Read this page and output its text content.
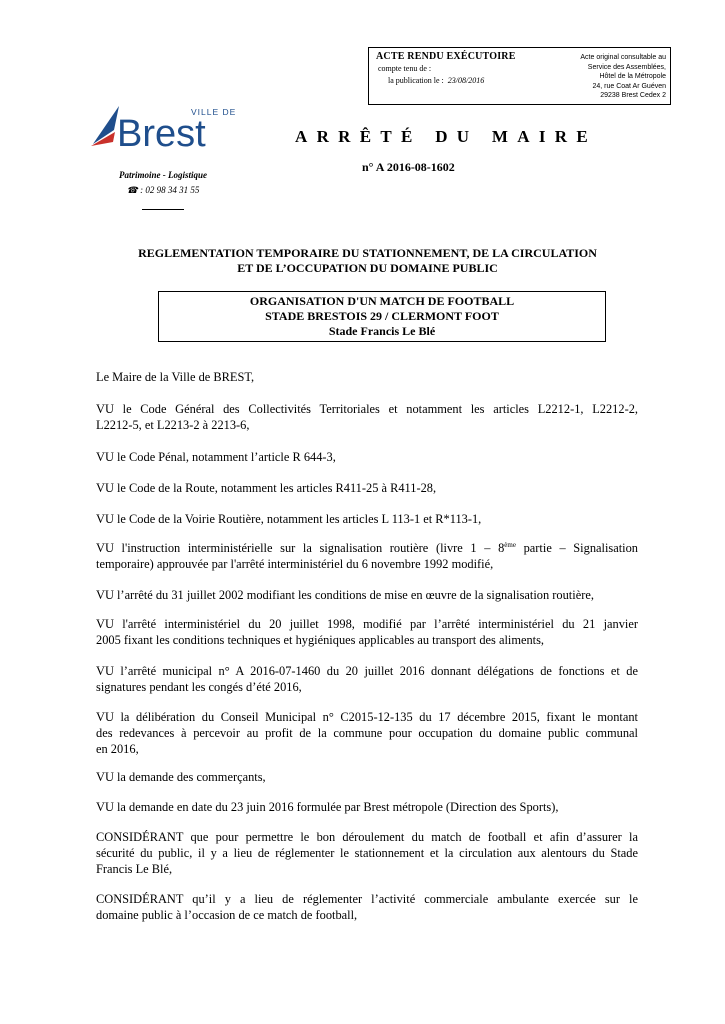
ACTE RENDU EXÉCUTOIRE
compte tenu de :
la publication le : 23/08/2016
Acte original consultable au
Service des Assemblées,
Hôtel de la Métropole
24, rue Coat Ar Guéven
29238 Brest Cedex 2
VILLE DE
Brest
Patrimoine - Logistique
☎ : 02 98 34 31 55
ARRÊTÉ DU MAIRE
n° A 2016-08-1602
REGLEMENTATION TEMPORAIRE DU STATIONNEMENT, DE LA CIRCULATION
ET DE L’OCCUPATION DU DOMAINE PUBLIC
ORGANISATION D'UN MATCH DE FOOTBALL
STADE BRESTOIS 29 / CLERMONT FOOT
Stade Francis Le Blé
Le Maire de la Ville de BREST,
VU le Code Général des Collectivités Territoriales et notamment les articles L2212-1, L2212-2,
L2212-5, et L2213-2 à 2213-6,
VU le Code Pénal, notamment l’article R 644-3,
VU le Code de la Route, notamment les articles R411-25 à R411-28,
VU le Code de la Voirie Routière, notamment les articles L 113-1 et R*113-1,
VU l'instruction interministérielle sur la signalisation routière (livre 1 – 8ème partie – Signalisation
temporaire) approuvée par l'arrêté interministériel du 6 novembre 1992 modifié,
VU l’arrêté du 31 juillet 2002 modifiant les conditions de mise en œuvre de la signalisation routière,
VU l'arrêté interministériel du 20 juillet 1998, modifié par l’arrêté interministériel du 21 janvier
2005 fixant les conditions techniques et hygiéniques applicables au transport des aliments,
VU l’arrêté municipal n° A 2016-07-1460 du 20 juillet 2016 donnant délégations de fonctions et de
signatures pendant les congés d’été 2016,
VU la délibération du Conseil Municipal n° C2015-12-135 du 17 décembre 2015, fixant le montant
des redevances à percevoir au profit de la commune pour occupation du domaine public communal
en 2016,
VU la demande des commerçants,
VU la demande en date du 23 juin 2016 formulée par Brest métropole (Direction des Sports),
CONSIDÉRANT que pour permettre le bon déroulement du match de football et afin d’assurer la
sécurité du public, il y a lieu de réglementer le stationnement et la circulation aux alentours du Stade
Francis Le Blé,
CONSIDÉRANT qu’il y a lieu de réglementer l’activité commerciale ambulante exercée sur le
domaine public à l’occasion de ce match de football,
